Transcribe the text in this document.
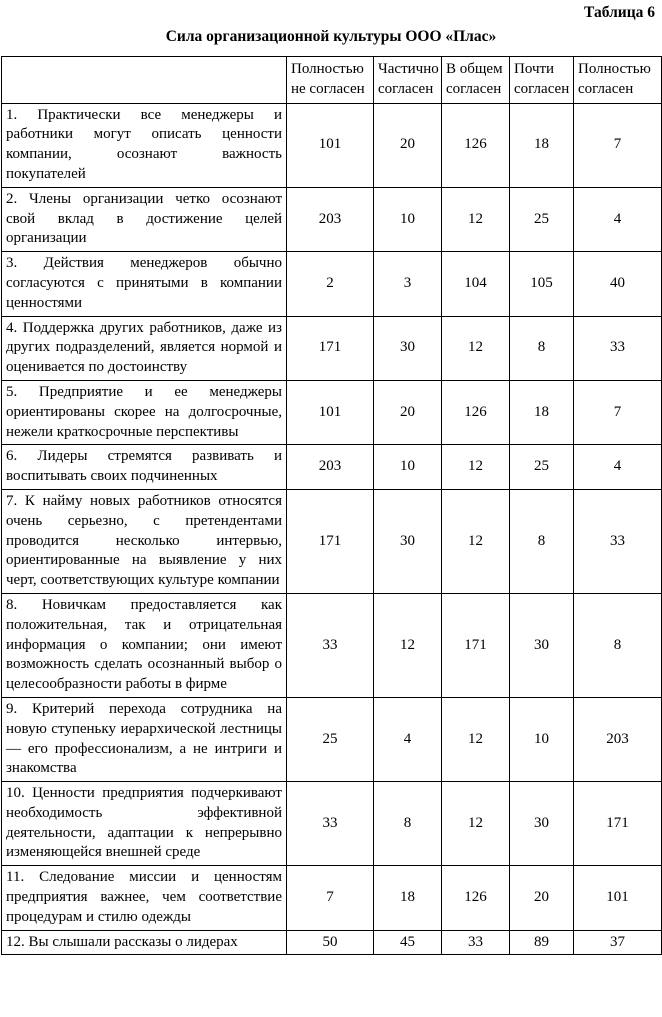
Таблица 6
Сила организационной культуры ООО «Плас»
	Полностью не согласен	Частично согласен	В общем согласен	Почти согласен	Полностью согласен
1. Практически все менеджеры и работники могут описать ценности компании, осознают важность покупателей	101	20	126	18	7
2. Члены организации четко осознают свой вклад в достижение целей организации	203	10	12	25	4
3. Действия менеджеров обычно согласуются с принятыми в компании ценностями	2	3	104	105	40
4. Поддержка других работников, даже из других подразделений, является нормой и оценивается по достоинству	171	30	12	8	33
5. Предприятие и ее менеджеры ориентированы скорее на долгосрочные, нежели краткосрочные перспективы	101	20	126	18	7
6. Лидеры стремятся развивать и воспитывать своих подчиненных	203	10	12	25	4
7. К найму новых работников относятся очень серьезно, с претендентами проводится несколько интервью, ориентированные на выявление у них черт, соответствующих культуре компании	171	30	12	8	33
8. Новичкам предоставляется как положительная, так и отрицательная информация о компании; они имеют возможность сделать осознанный выбор о целесообразности работы в фирме	33	12	171	30	8
9. Критерий перехода сотрудника на новую ступеньку иерархической лестницы — его профессионализм, а не интриги и знакомства	25	4	12	10	203
10. Ценности предприятия подчеркивают необходимость эффективной деятельности, адаптации к непрерывно изменяющейся внешней среде	33	8	12	30	171
11. Следование миссии и ценностям предприятия важнее, чем соответствие процедурам и стилю одежды	7	18	126	20	101
12. Вы слышали рассказы о лидерах	50	45	33	89	37
